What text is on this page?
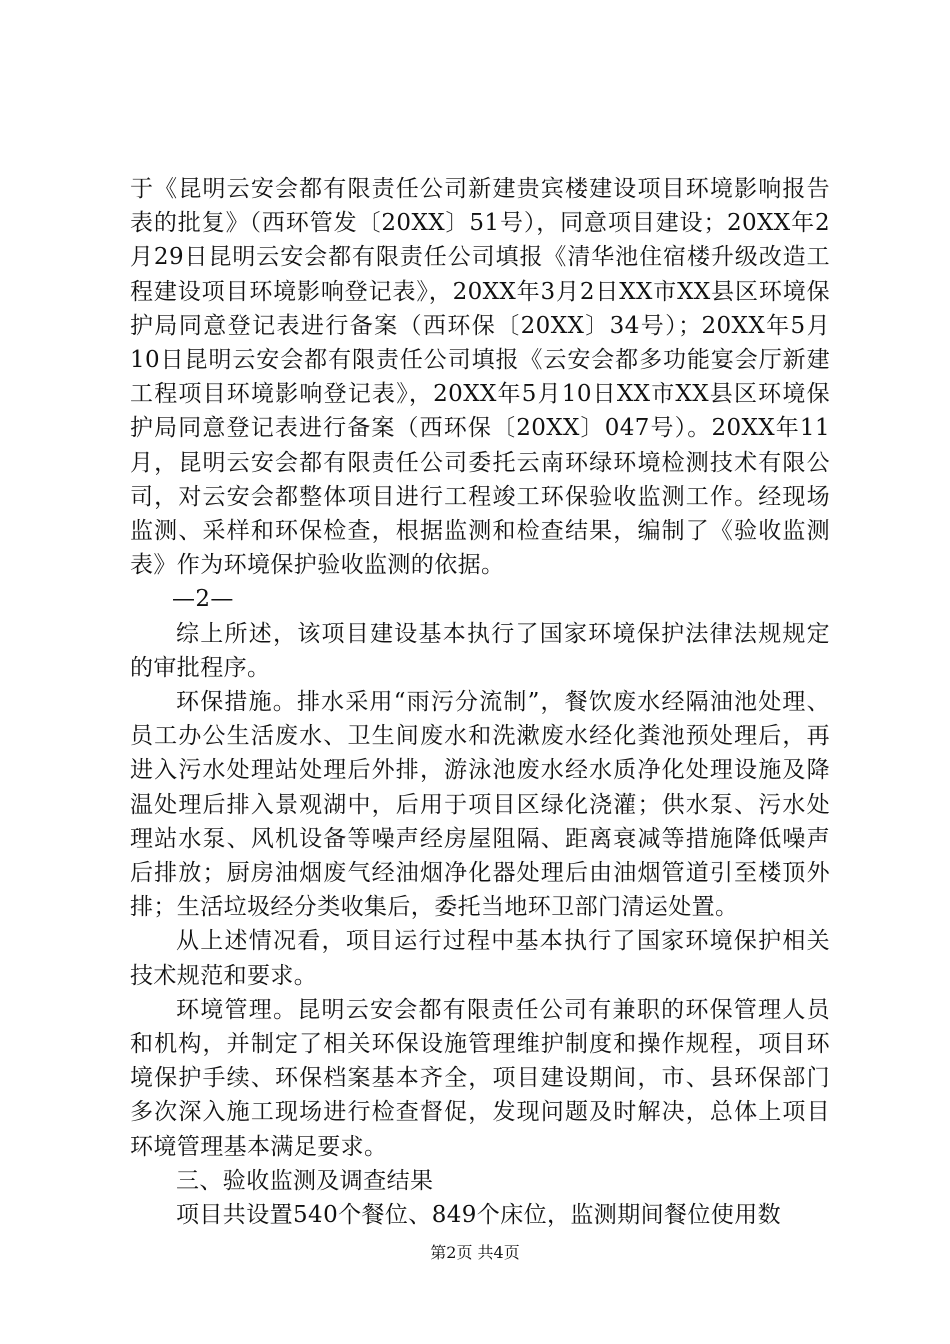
于《昆明云安会都有限责任公司新建贵宾楼建设项目环境影响报告表的批复》（西环管发〔20XX〕51号），同意项目建设；20XX年2月29日昆明云安会都有限责任公司填报《清华池住宿楼升级改造工程建设项目环境影响登记表》，20XX年3月2日XX市XX县区环境保护局同意登记表进行备案（西环保〔20XX〕34号）；20XX年5月10日昆明云安会都有限责任公司填报《云安会都多功能宴会厅新建工程项目环境影响登记表》，20XX年5月10日XX市XX县区环境保护局同意登记表进行备案（西环保〔20XX〕047号）。20XX年11月，昆明云安会都有限责任公司委托云南环绿环境检测技术有限公司，对云安会都整体项目进行工程竣工环保验收监测工作。经现场监测、采样和环保检查，根据监测和检查结果，编制了《验收监测表》作为环境保护验收监测的依据。

—2—

综上所述，该项目建设基本执行了国家环境保护法律法规规定的审批程序。

环保措施。排水采用“雨污分流制”，餐饮废水经隔油池处理、员工办公生活废水、卫生间废水和洗漱废水经化粪池预处理后，再进入污水处理站处理后外排，游泳池废水经水质净化处理设施及降温处理后排入景观湖中，后用于项目区绿化浇灌；供水泵、污水处理站水泵、风机设备等噪声经房屋阻隔、距离衰减等措施降低噪声后排放；厨房油烟废气经油烟净化器处理后由油烟管道引至楼顶外排；生活垃圾经分类收集后，委托当地环卫部门清运处置。

从上述情况看，项目运行过程中基本执行了国家环境保护相关技术规范和要求。

环境管理。昆明云安会都有限责任公司有兼职的环保管理人员和机构，并制定了相关环保设施管理维护制度和操作规程，项目环境保护手续、环保档案基本齐全，项目建设期间，市、县环保部门多次深入施工现场进行检查督促，发现问题及时解决，总体上项目环境管理基本满足要求。

三、验收监测及调查结果

项目共设置540个餐位、849个床位，监测期间餐位使用数

第2页 共4页
